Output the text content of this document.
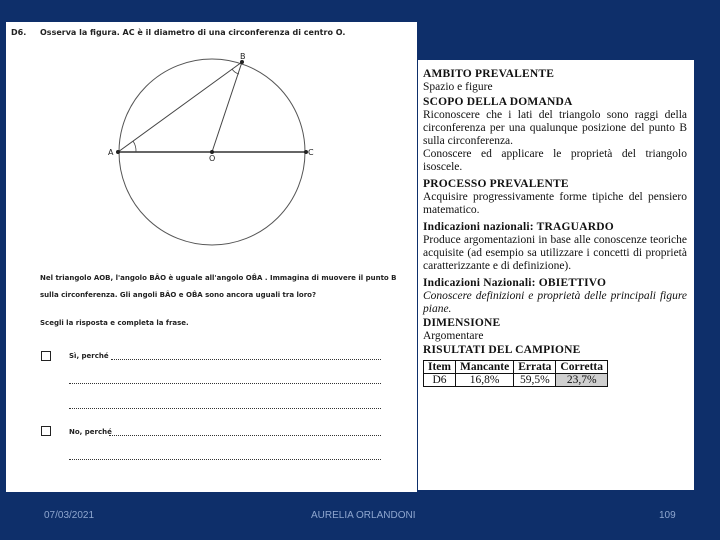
D6. Osserva la figura. AC è il diametro di una circonferenza di centro O.
A
O
C
B
Nel triangolo AOB, l'angolo BÂO è uguale all'angolo OB̂A . Immagina di muovere il punto B
sulla circonferenza. Gli angoli BÂO e OB̂A sono ancora uguali tra loro?
Scegli la risposta e completa la frase.
Sì, perché
No, perché
AMBITO PREVALENTE
Spazio e figure
SCOPO DELLA DOMANDA
Riconoscere che i lati del triangolo sono raggi della circonferenza per una qualunque posizione del punto B sulla circonferenza.
Conoscere ed applicare le proprietà del triangolo isoscele.
PROCESSO PREVALENTE
Acquisire progressivamente forme tipiche del pensiero matematico.
Indicazioni nazionali: TRAGUARDO
Produce argomentazioni in base alle conoscenze teoriche acquisite (ad esempio sa utilizzare i concetti di proprietà caratterizzante e di definizione).
Indicazioni Nazionali: OBIETTIVO
Conoscere definizioni e proprietà delle principali figure piane.
DIMENSIONE
Argomentare
RISULTATI DEL CAMPIONE
Item	Mancante	Errata	Corretta
D6	16,8%	59,5%	23,7%
07/03/2021	AURELIA ORLANDONI	109
